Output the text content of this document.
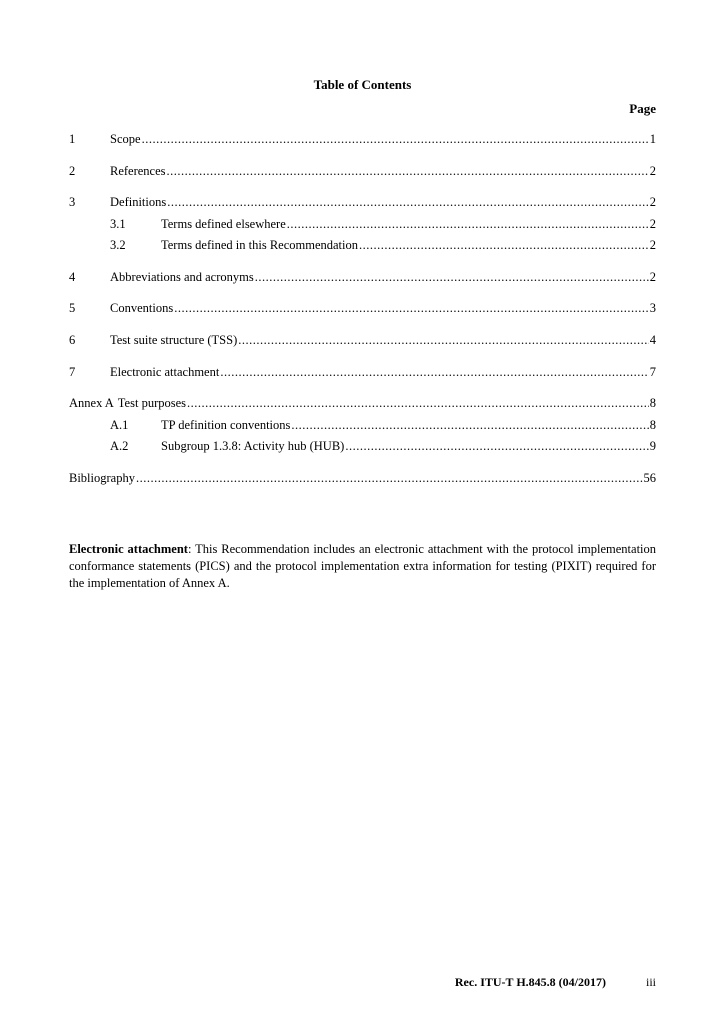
Table of Contents
Page
1	Scope .....	1
2	References .....	2
3	Definitions .....	2
3.1	Terms defined elsewhere .....	2
3.2	Terms defined in this Recommendation .....	2
4	Abbreviations and acronyms .....	2
5	Conventions .....	3
6	Test suite structure (TSS) .....	4
7	Electronic attachment .....	7
Annex A Test purposes .....	8
A.1	TP definition conventions .....	8
A.2	Subgroup 1.3.8: Activity hub (HUB) .....	9
Bibliography .....	56
Electronic attachment: This Recommendation includes an electronic attachment with the protocol implementation conformance statements (PICS) and the protocol implementation extra information for testing (PIXIT) required for the implementation of Annex A.
Rec. ITU-T H.845.8 (04/2017)	iii
